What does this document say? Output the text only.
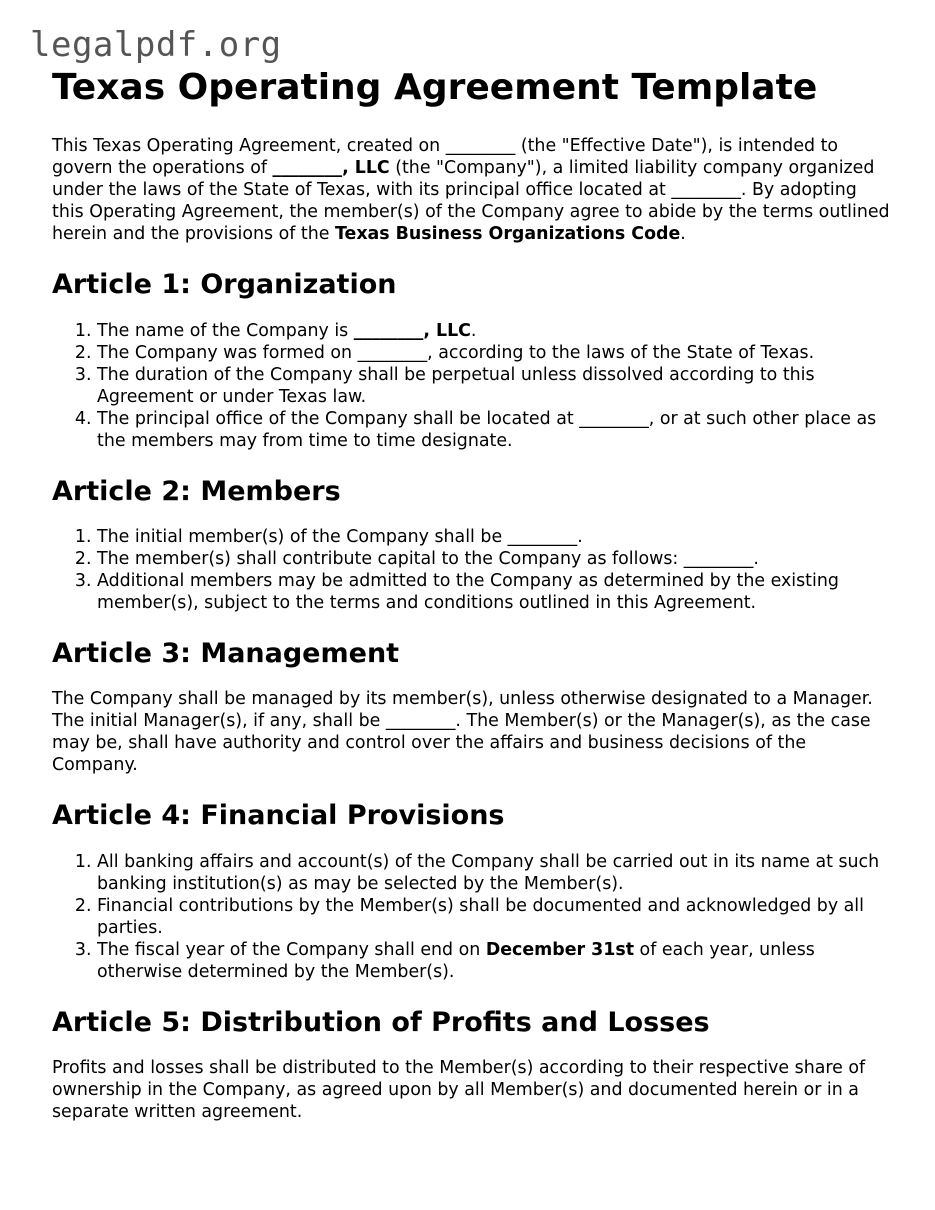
legalpdf.org
Texas Operating Agreement Template

This Texas Operating Agreement, created on ________ (the "Effective Date"), is intended to govern the operations of ________, LLC (the "Company"), a limited liability company organized under the laws of the State of Texas, with its principal office located at ________. By adopting this Operating Agreement, the member(s) of the Company agree to abide by the terms outlined herein and the provisions of the Texas Business Organizations Code.

Article 1: Organization
1. The name of the Company is ________, LLC.
2. The Company was formed on ________, according to the laws of the State of Texas.
3. The duration of the Company shall be perpetual unless dissolved according to this Agreement or under Texas law.
4. The principal office of the Company shall be located at ________, or at such other place as the members may from time to time designate.
Article 2: Members
1. The initial member(s) of the Company shall be ________.
2. The member(s) shall contribute capital to the Company as follows: ________.
3. Additional members may be admitted to the Company as determined by the existing member(s), subject to the terms and conditions outlined in this Agreement.
Article 3: Management

The Company shall be managed by its member(s), unless otherwise designated to a Manager. The initial Manager(s), if any, shall be ________. The Member(s) or the Manager(s), as the case may be, shall have authority and control over the affairs and business decisions of the Company.

Article 4: Financial Provisions
1. All banking affairs and account(s) of the Company shall be carried out in its name at such banking institution(s) as may be selected by the Member(s).
2. Financial contributions by the Member(s) shall be documented and acknowledged by all parties.
3. The fiscal year of the Company shall end on December 31st of each year, unless otherwise determined by the Member(s).
Article 5: Distribution of Profits and Losses

Profits and losses shall be distributed to the Member(s) according to their respective share of ownership in the Company, as agreed upon by all Member(s) and documented herein or in a separate written agreement.
